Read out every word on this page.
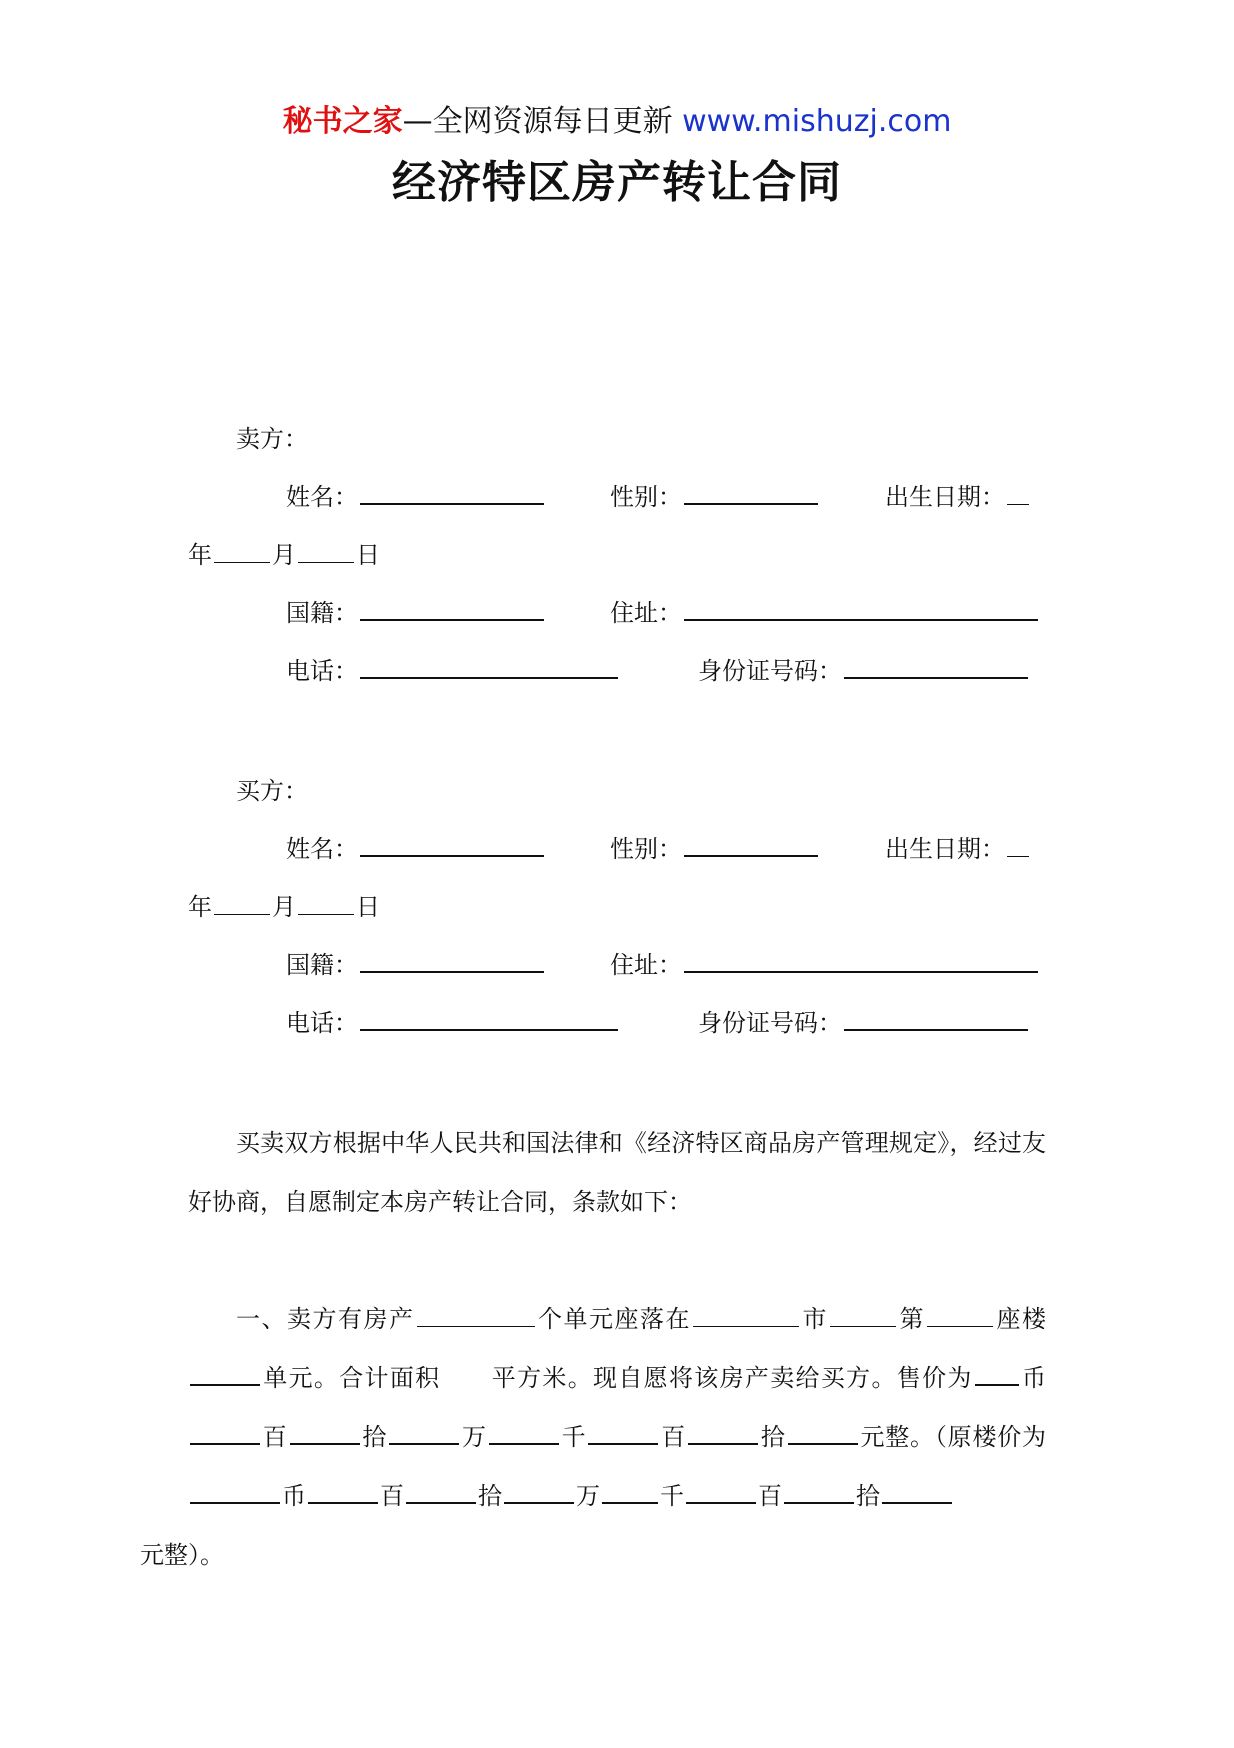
秘书之家—全网资源每日更新 www.mishuzj.com
经济特区房产转让合同
卖方：
姓名：	性别：	出生日期：
年	月	日
国籍：	住址：
电话：	身份证号码：
买方：
姓名：	性别：	出生日期：
年	月	日
国籍：	住址：
电话：	身份证号码：

买卖双方根据中华人民共和国法律和《经济特区商品房产管理规定》，经过友好协商，自愿制定本房产转让合同，条款如下：

一、卖方有房产	个单元座落在	市	第	座楼单元。合计面积 平方米。现自愿将该房产卖给买方。售价为 币百	拾	万	千	百	拾	元整。（原楼价为币	百	拾	万	千	百	拾
元整）。
